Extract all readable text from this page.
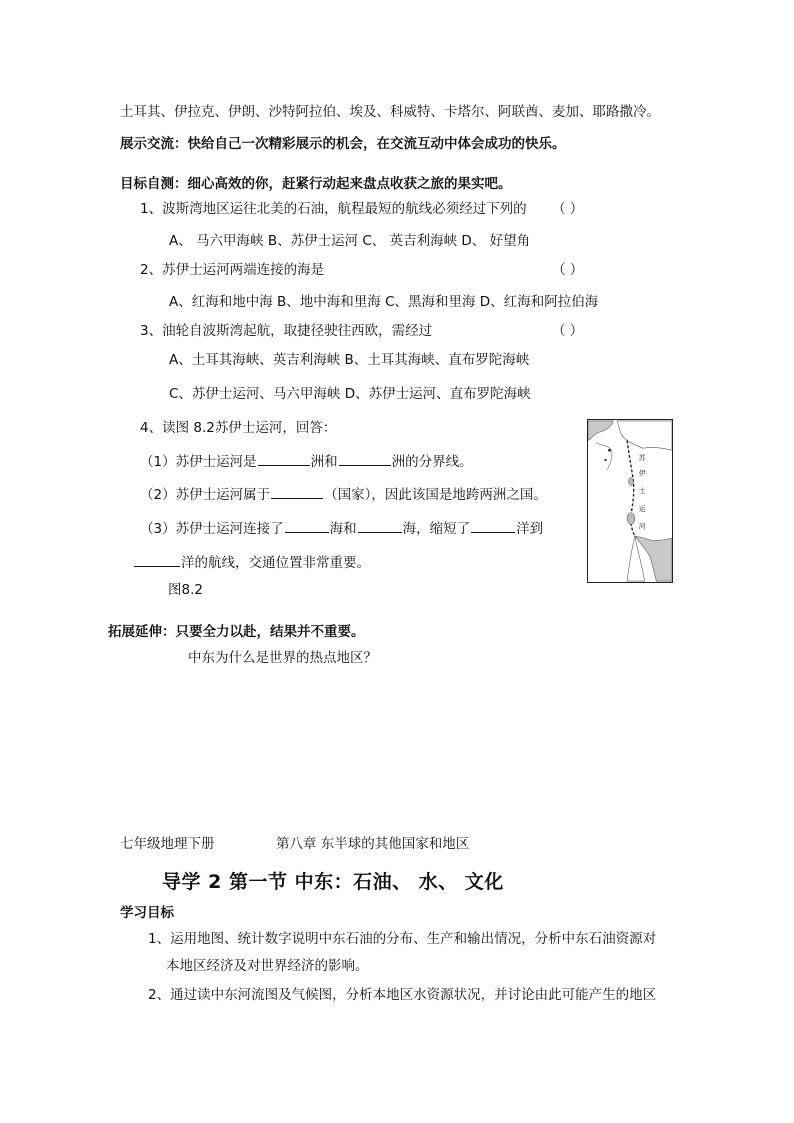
土耳其、伊拉克、伊朗、沙特阿拉伯、埃及、科威特、卡塔尔、阿联酋、麦加、耶路撒冷。
展示交流：快给自己一次精彩展示的机会，在交流互动中体会成功的快乐。
目标自测：细心高效的你，赶紧行动起来盘点收获之旅的果实吧。
1、波斯湾地区运往北美的石油，航程最短的航线必须经过下列的 （ ）
A、 马六甲海峡 B、苏伊士运河 C、 英吉利海峡 D、 好望角
2、苏伊士运河两端连接的海是	（ ）
A、红海和地中海 B、地中海和里海 C、黑海和里海 D、红海和阿拉伯海
3、油轮自波斯湾起航，取捷径驶往西欧，需经过	（ ）
A、土耳其海峡、英吉利海峡 B、土耳其海峡、直布罗陀海峡
C、苏伊士运河、马六甲海峡 D、苏伊士运河、直布罗陀海峡
4、读图 8.2苏伊士运河，回答：
（1）苏伊士运河是	洲和	洲的分界线。
（2）苏伊士运河属于	（国家），因此该国是地跨两洲之国。
（3）苏伊士运河连接了	海和	海，缩短了	洋到
洋的航线，交通位置非常重要。
图8.2
苏
伊
士
运
河
拓展延伸：只要全力以赴，结果并不重要。
中东为什么是世界的热点地区？
七年级地理下册	第八章 东半球的其他国家和地区
导学 2 第一节 中东：石油、 水、 文化
学习目标
1、运用地图、统计数字说明中东石油的分布、生产和输出情况，分析中东石油资源对
本地区经济及对世界经济的影响。
2、通过读中东河流图及气候图，分析本地区水资源状况，并讨论由此可能产生的地区
